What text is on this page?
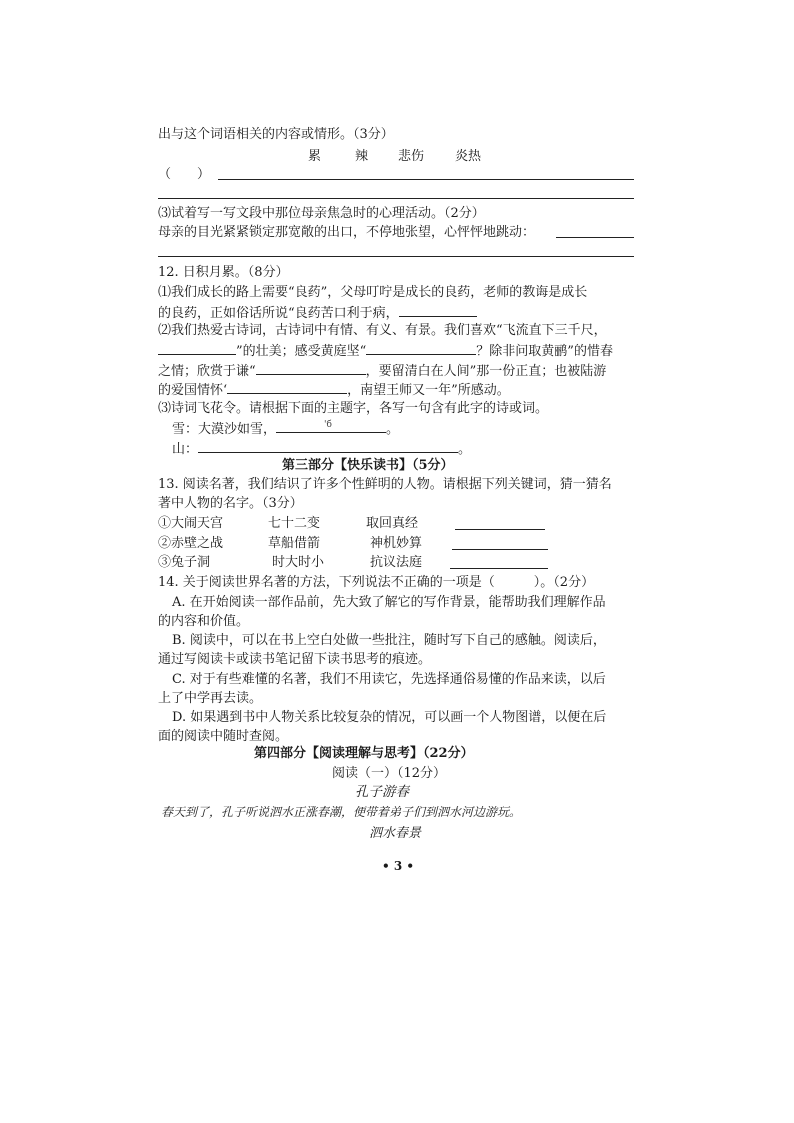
出与这个词语相关的内容或情形。（3分）
累	辣 悲伤 炎热
（　　）
⑶试着写一写文段中那位母亲焦急时的心理活动。（2分）
母亲的目光紧紧锁定那宽敞的出口，不停地张望，心怦怦地跳动：
12. 日积月累。（8分）
⑴我们成长的路上需要“良药”，父母叮咛是成长的良药，老师的教诲是成长
的良药，正如俗话所说“良药苦口利于病，
⑵我们热爱古诗词，古诗词中有情、有义、有景。我们喜欢“飞流直下三千尺，
”的壮美；感受黄庭坚“	？除非问取黄鹂”的惜春
之情；欣赏于谦“	，要留清白在人间”那一份正直；也被陆游
的爱国情怀‘	，南望王师又一年”所感动。
⑶诗词飞花令。请根据下面的主题字，各写一句含有此字的诗或词。
雪：大漠沙如雪，	'б	。
山：	。
第三部分【快乐读书】（5分）
13. 阅读名著，我们结识了许多个性鲜明的人物。请根据下列关键词，猜一猜名
著中人物的名字。（3分）
①大闹天宫	七十二变	取回真经
②赤壁之战	草船借箭	神机妙算
③兔子洞	时大时小	抗议法庭
14. 关于阅读世界名著的方法，下列说法不正确的一项是（　　　）。（2分）
A. 在开始阅读一部作品前，先大致了解它的写作背景，能帮助我们理解作品
的内容和价值。
B. 阅读中，可以在书上空白处做一些批注，随时写下自己的感触。阅读后，
通过写阅读卡或读书笔记留下读书思考的痕迹。
C. 对于有些难懂的名著，我们不用读它，先选择通俗易懂的作品来读，以后
上了中学再去读。
D. 如果遇到书中人物关系比较复杂的情况，可以画一个人物图谱，以便在后
面的阅读中随时查阅。
第四部分【阅读理解与思考】（22分）
阅读（一）（12分）
孔子游春
春天到了，孔子听说泗水正涨春潮，便带着弟子们到泗水河边游玩。
泗水春景
• 3 •
